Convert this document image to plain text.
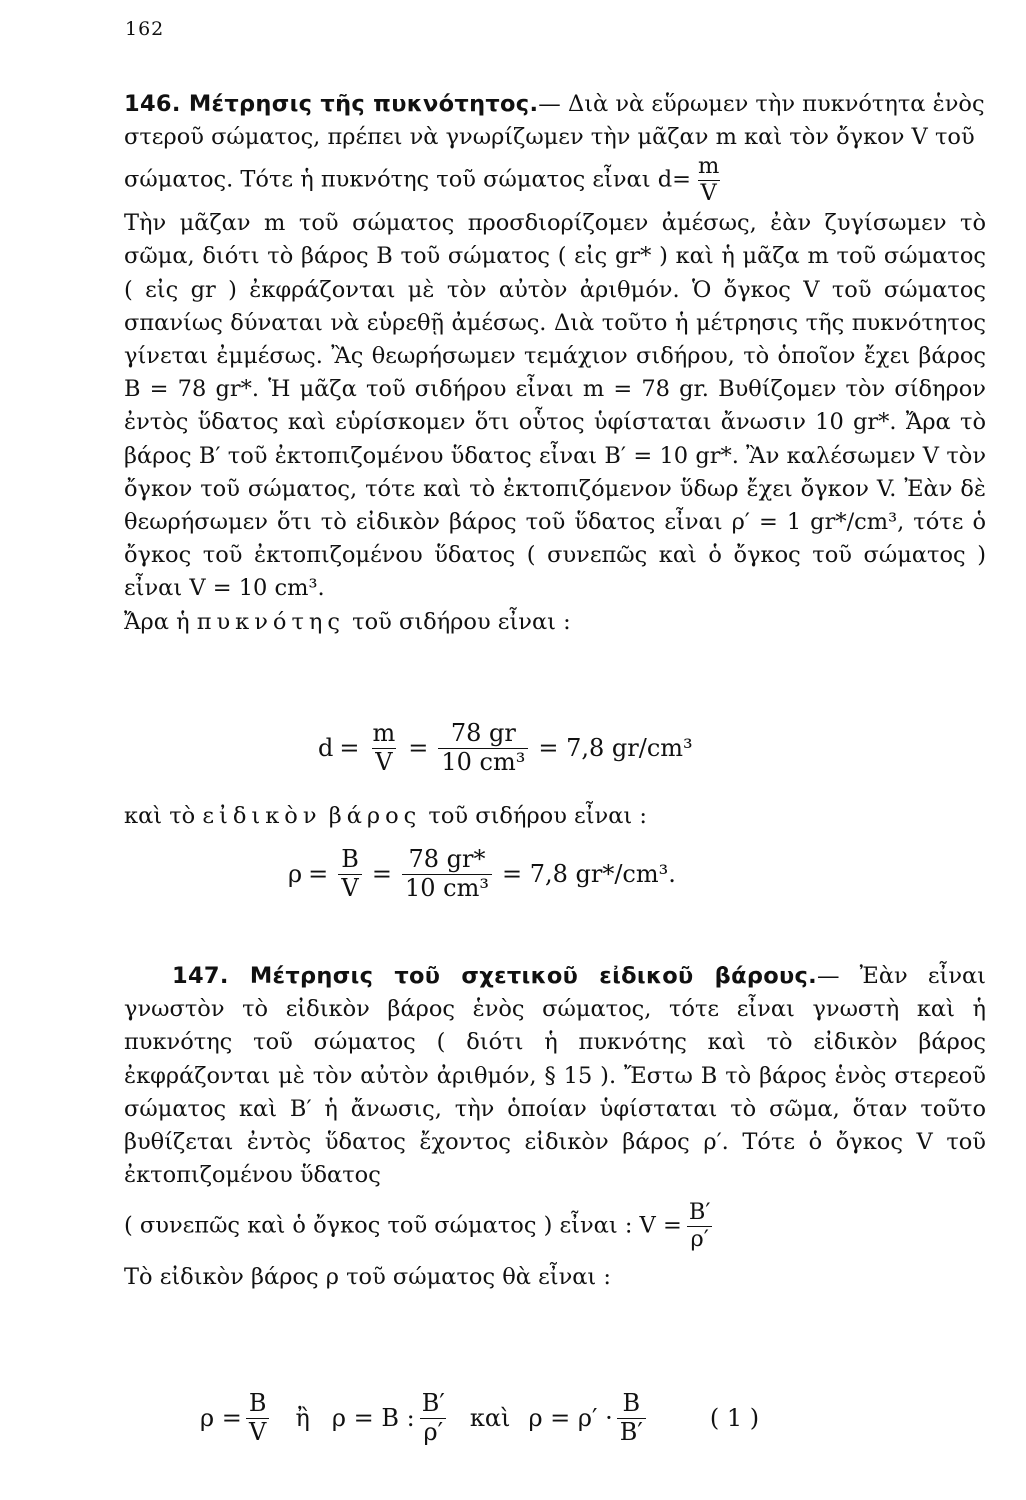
162

146. Μέτρησις τῆς πυκνότητος.— Διὰ νὰ εὕρωμεν τὴν πυκνότητα ἑνὸς στεροῦ σώματος, πρέπει νὰ γνωρίζωμεν τὴν μᾶζαν m καὶ τὸν ὄγκον V τοῦ σώματος. Τότε ἡ πυκνότης τοῦ σώματος εἶναι $d= \frac{m}{V}$

Τὴν μᾶζαν m τοῦ σώματος προσδιορίζομεν ἀμέσως, ἐὰν ζυγίσωμεν τὸ σῶμα, διότι τὸ βάρος B τοῦ σώματος ( εἰς gr* ) καὶ ἡ μᾶζα m τοῦ σώματος ( εἰς gr ) ἐκφράζονται μὲ τὸν αὐτὸν ἀριθμόν. Ὁ ὄγκος V τοῦ σώματος σπανίως δύναται νὰ εὑρεθῇ ἀμέσως. Διὰ τοῦτο ἡ μέτρησις τῆς πυκνότητος γίνεται ἐμμέσως. Ἂς θεωρήσωμεν τεμάχιον σιδήρου, τὸ ὁποῖον ἔχει βάρος B = 78 gr*. Ἡ μᾶζα τοῦ σιδήρου εἶναι m = 78 gr. Βυθίζομεν τὸν σίδηρον ἐντὸς ὕδατος καὶ εὑρίσκομεν ὅτι οὗτος ὑφίσταται ἄνωσιν 10 gr*. Ἄρα τὸ βάρος B′ τοῦ ἐκτοπιζομένου ὕδατος εἶναι B′ = 10 gr*. Ἂν καλέσωμεν V τὸν ὄγκον τοῦ σώματος, τότε καὶ τὸ ἐκτοπιζόμενον ὕδωρ ἔχει ὄγκον V. Ἐὰν δὲ θεωρήσωμεν ὅτι τὸ εἰδικὸν βάρος τοῦ ὕδατος εἶναι ρ′ = 1 gr*/cm³, τότε ὁ ὄγκος τοῦ ἐκτοπιζομένου ὕδατος ( συνεπῶς καὶ ὁ ὄγκος τοῦ σώματος ) εἶναι V = 10 cm³.

Ἄρα ἡ πυκνότης τοῦ σιδήρου εἶναι :

$d = \frac{m}{V} = \frac{78 gr}{\text{10 cm³}} = 7,8$ gr/cm³

καὶ τὸ εἰδικὸν βάρος τοῦ σιδήρου εἶναι :

$\rho = \frac{B}{V} = \frac{78 gr*}{\text{10 cm³}} = 7,8$ gr*/cm³.

147. Μέτρησις τοῦ σχετικοῦ εἰδικοῦ βάρους.— Ἐὰν εἶναι γνωστὸν τὸ εἰδικὸν βάρος ἑνὸς σώματος, τότε εἶναι γνωστὴ καὶ ἡ πυκνότης τοῦ σώματος ( διότι ἡ πυκνότης καὶ τὸ εἰδικὸν βάρος ἐκφράζονται μὲ τὸν αὐτὸν ἀριθμόν, § 15 ). Ἔστω B τὸ βάρος ἑνὸς στερεοῦ σώματος καὶ B′ ἡ ἄνωσις, τὴν ὁποίαν ὑφίσταται τὸ σῶμα, ὅταν τοῦτο βυθίζεται ἐντὸς ὕδατος ἔχοντος εἰδικὸν βάρος ρ′. Τότε ὁ ὄγκος V τοῦ ἐκτοπιζομένου ὕδατος

( συνεπῶς καὶ ὁ ὄγκος τοῦ σώματος ) εἶναι : $V = \frac{B'}{\rho'}$

Τὸ εἰδικὸν βάρος ρ τοῦ σώματος θὰ εἶναι :

$\rho = \frac{B}{V}$ ἢ ρ = B : $\frac{B'}{\rho'}$ καὶ $\rho = \rho' \cdot \frac{B}{B'}$	( 1 )
